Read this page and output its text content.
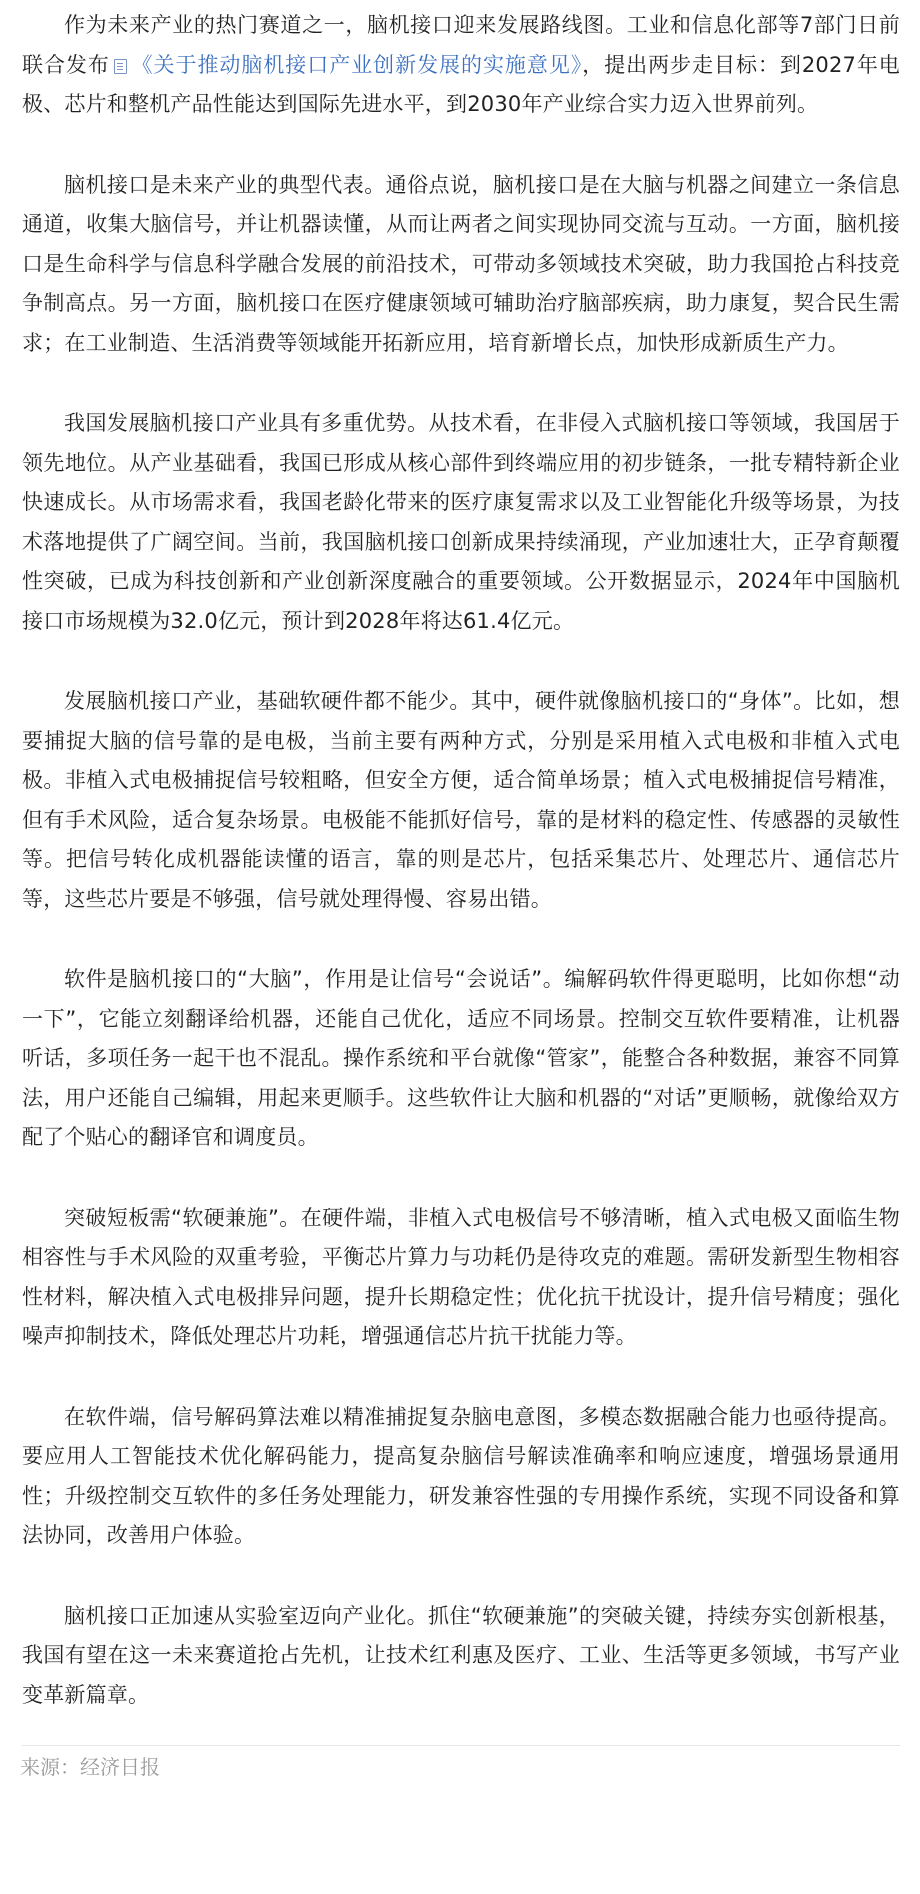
作为未来产业的热门赛道之一，脑机接口迎来发展路线图。工业和信息化部等7部门日前联合发布 《关于推动脑机接口产业创新发展的实施意见》，提出两步走目标：到2027年电极、芯片和整机产品性能达到国际先进水平，到2030年产业综合实力迈入世界前列。

脑机接口是未来产业的典型代表。通俗点说，脑机接口是在大脑与机器之间建立一条信息通道，收集大脑信号，并让机器读懂，从而让两者之间实现协同交流与互动。一方面，脑机接口是生命科学与信息科学融合发展的前沿技术，可带动多领域技术突破，助力我国抢占科技竞争制高点。另一方面，脑机接口在医疗健康领域可辅助治疗脑部疾病，助力康复，契合民生需求；在工业制造、生活消费等领域能开拓新应用，培育新增长点，加快形成新质生产力。

我国发展脑机接口产业具有多重优势。从技术看，在非侵入式脑机接口等领域，我国居于领先地位。从产业基础看，我国已形成从核心部件到终端应用的初步链条，一批专精特新企业快速成长。从市场需求看，我国老龄化带来的医疗康复需求以及工业智能化升级等场景，为技术落地提供了广阔空间。当前，我国脑机接口创新成果持续涌现，产业加速壮大，正孕育颠覆性突破，已成为科技创新和产业创新深度融合的重要领域。公开数据显示，2024年中国脑机接口市场规模为32.0亿元，预计到2028年将达61.4亿元。

发展脑机接口产业，基础软硬件都不能少。其中，硬件就像脑机接口的“身体”。比如，想要捕捉大脑的信号靠的是电极，当前主要有两种方式，分别是采用植入式电极和非植入式电极。非植入式电极捕捉信号较粗略，但安全方便，适合简单场景；植入式电极捕捉信号精准，但有手术风险，适合复杂场景。电极能不能抓好信号，靠的是材料的稳定性、传感器的灵敏性等。把信号转化成机器能读懂的语言，靠的则是芯片，包括采集芯片、处理芯片、通信芯片等，这些芯片要是不够强，信号就处理得慢、容易出错。

软件是脑机接口的“大脑”，作用是让信号“会说话”。编解码软件得更聪明，比如你想“动一下”，它能立刻翻译给机器，还能自己优化，适应不同场景。控制交互软件要精准，让机器听话，多项任务一起干也不混乱。操作系统和平台就像“管家”，能整合各种数据，兼容不同算法，用户还能自己编辑，用起来更顺手。这些软件让大脑和机器的“对话”更顺畅，就像给双方配了个贴心的翻译官和调度员。

突破短板需“软硬兼施”。在硬件端，非植入式电极信号不够清晰，植入式电极又面临生物相容性与手术风险的双重考验，平衡芯片算力与功耗仍是待攻克的难题。需研发新型生物相容性材料，解决植入式电极排异问题，提升长期稳定性；优化抗干扰设计，提升信号精度；强化噪声抑制技术，降低处理芯片功耗，增强通信芯片抗干扰能力等。

在软件端，信号解码算法难以精准捕捉复杂脑电意图，多模态数据融合能力也亟待提高。要应用人工智能技术优化解码能力，提高复杂脑信号解读准确率和响应速度，增强场景通用性；升级控制交互软件的多任务处理能力，研发兼容性强的专用操作系统，实现不同设备和算法协同，改善用户体验。

脑机接口正加速从实验室迈向产业化。抓住“软硬兼施”的突破关键，持续夯实创新根基，我国有望在这一未来赛道抢占先机，让技术红利惠及医疗、工业、生活等更多领域，书写产业变革新篇章。

来源：经济日报
